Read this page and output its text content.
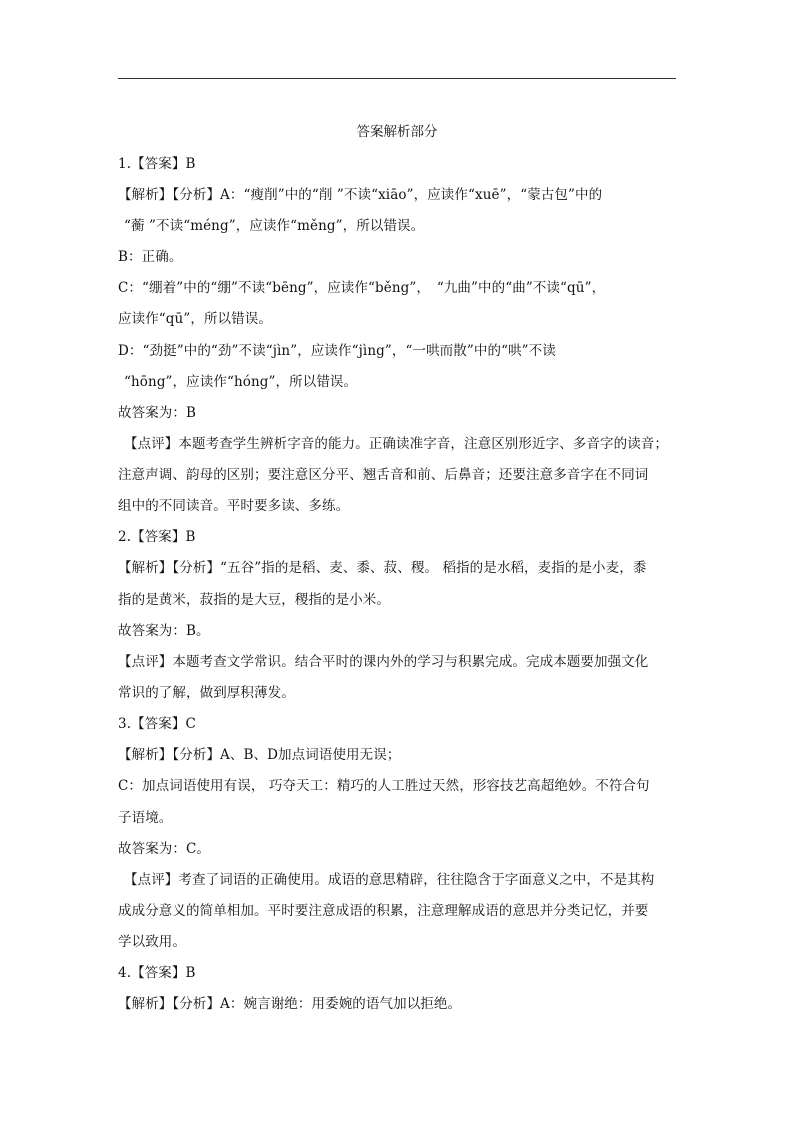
答案解析部分
1.【答案】B
【解析】【分析】A：“瘦削”中的“削 ”不读“xiāo”，应读作“xuē”，“蒙古包”中的
“蘅 ”不读“méng”，应读作“měng”，所以错误。
B：正确。
C：“绷着”中的“绷”不读“bēng”，应读作“běng”，　“九曲”中的“曲”不读“qū”，
应读作“qū”，所以错误。
D：“劲挺”中的“劲”不读“jìn”，应读作“jìng”，“一哄而散”中的“哄”不读
“hōng”，应读作“hóng”，所以错误。
故答案为：B
【点评】本题考查学生辨析字音的能力。正确读准字音，注意区别形近字、多音字的读音；
注意声调、韵母的区别；要注意区分平、翘舌音和前、后鼻音；还要注意多音字在不同词
组中的不同读音。平时要多读、多练。
2.【答案】B
【解析】【分析】“五谷”指的是稻、麦、黍、菽、稷。 稻指的是水稻，麦指的是小麦，黍
指的是黄米，菽指的是大豆，稷指的是小米。
故答案为：B。
【点评】本题考查文学常识。结合平时的课内外的学习与积累完成。完成本题要加强文化
常识的了解，做到厚积薄发。
3.【答案】C
【解析】【分析】A、B、D加点词语使用无误；
C：加点词语使用有误， 巧夺天工：精巧的人工胜过天然，形容技艺高超绝妙。不符合句
子语境。
故答案为：C。
【点评】考查了词语的正确使用。成语的意思精辟，往往隐含于字面意义之中，不是其构
成成分意义的简单相加。平时要注意成语的积累，注意理解成语的意思并分类记忆，并要
学以致用。
4.【答案】B
【解析】【分析】A：婉言谢绝：用委婉的语气加以拒绝。
